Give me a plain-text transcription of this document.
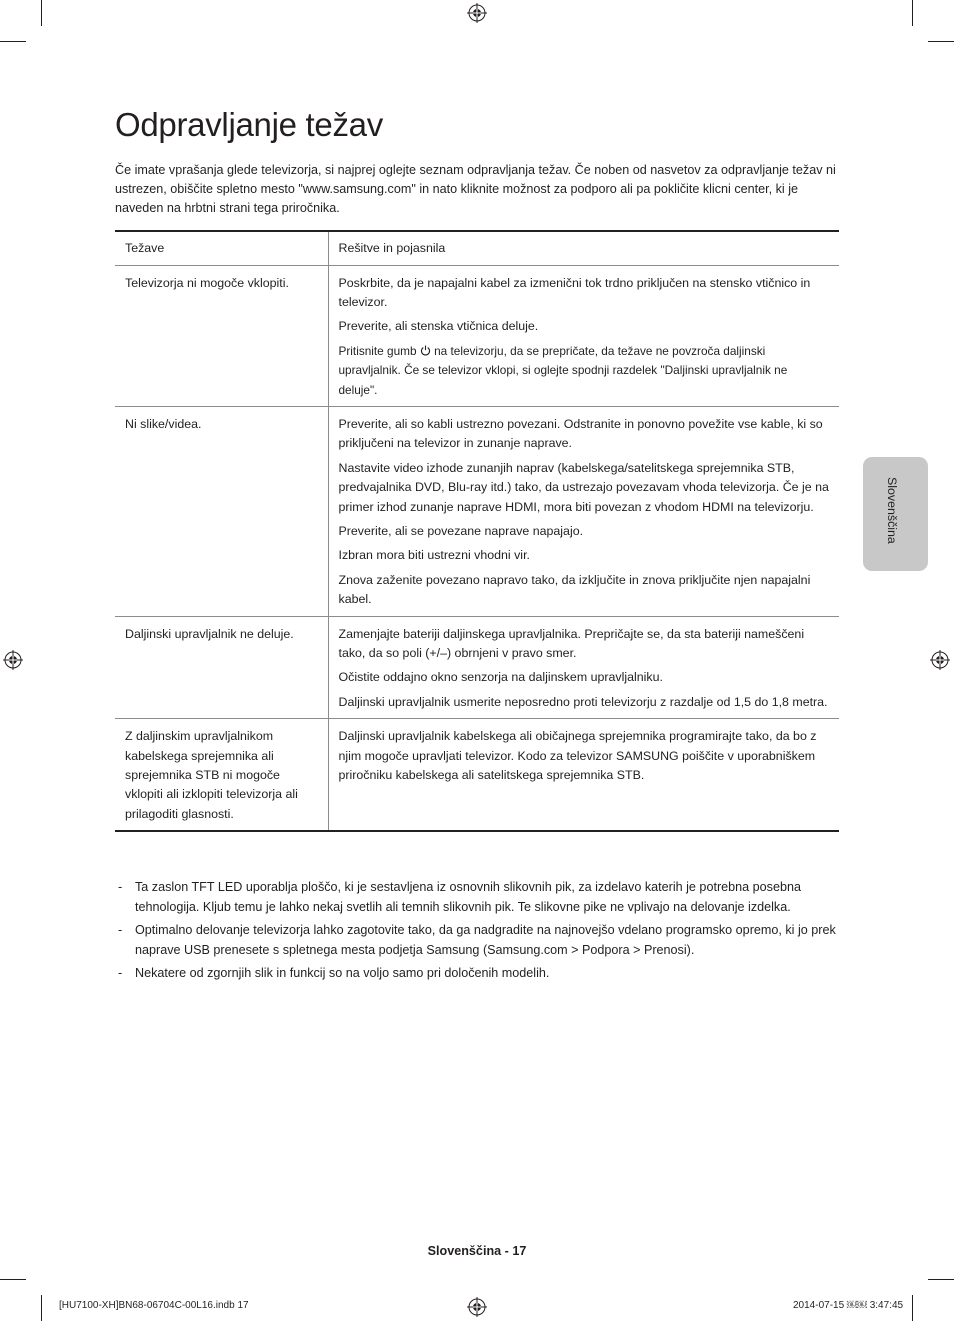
Odpravljanje težav

Če imate vprašanja glede televizorja, si najprej oglejte seznam odpravljanja težav. Če noben od nasvetov za odpravljanje težav ni ustrezen, obiščite spletno mesto "www.samsung.com" in nato kliknite možnost za podporo ali pa pokličite klicni center, ki je naveden na hrbtni strani tega priročnika.

Težave	Rešitve in pojasnila
Televizorja ni mogoče vklopiti.	Poskrbite, da je napajalni kabel za izmenični tok trdno priključen na stensko vtičnico in televizor.

Preverite, ali stenska vtičnica deluje.

Pritisnite gumb na televizorju, da se prepričate, da težave ne povzroča daljinski upravljalnik. Če se televizor vklopi, si oglejte spodnji razdelek "Daljinski upravljalnik ne deluje".

Ni slike/videa.	Preverite, ali so kabli ustrezno povezani. Odstranite in ponovno povežite vse kable, ki so priključeni na televizor in zunanje naprave.

Nastavite video izhode zunanjih naprav (kabelskega/satelitskega sprejemnika STB, predvajalnika DVD, Blu-ray itd.) tako, da ustrezajo povezavam vhoda televizorja. Če je na primer izhod zunanje naprave HDMI, mora biti povezan z vhodom HDMI na televizorju.

Preverite, ali se povezane naprave napajajo.

Izbran mora biti ustrezni vhodni vir.

Znova zaženite povezano napravo tako, da izključite in znova priključite njen napajalni kabel.

Daljinski upravljalnik ne deluje.	Zamenjajte bateriji daljinskega upravljalnika. Prepričajte se, da sta bateriji nameščeni tako, da so poli (+/–) obrnjeni v pravo smer.

Očistite oddajno okno senzorja na daljinskem upravljalniku.

Daljinski upravljalnik usmerite neposredno proti televizorju z razdalje od 1,5 do 1,8 metra.

Z daljinskim upravljalnikom kabelskega sprejemnika ali sprejemnika STB ni mogoče vklopiti ali izklopiti televizorja ali prilagoditi glasnosti.	Daljinski upravljalnik kabelskega ali običajnega sprejemnika programirajte tako, da bo z njim mogoče upravljati televizor. Kodo za televizor SAMSUNG poiščite v uporabniškem priročniku kabelskega ali satelitskega sprejemnika STB.

- Ta zaslon TFT LED uporablja ploščo, ki je sestavljena iz osnovnih slikovnih pik, za izdelavo katerih je potrebna posebna tehnologija. Kljub temu je lahko nekaj svetlih ali temnih slikovnih pik. Te slikovne pike ne vplivajo na delovanje izdelka.
- Optimalno delovanje televizorja lahko zagotovite tako, da ga nadgradite na najnovejšo vdelano programsko opremo, ki jo prek naprave USB prenesete s spletnega mesta podjetja Samsung (Samsung.com > Podpora > Prenosi).
- Nekatere od zgornjih slik in funkcij so na voljo samo pri določenih modelih.
Slovenščina
Slovenščina - 17
[HU7100-XH]BN68-06704C-00L16.indb 17	2014-07-15 ￼￼ 3:47:45
